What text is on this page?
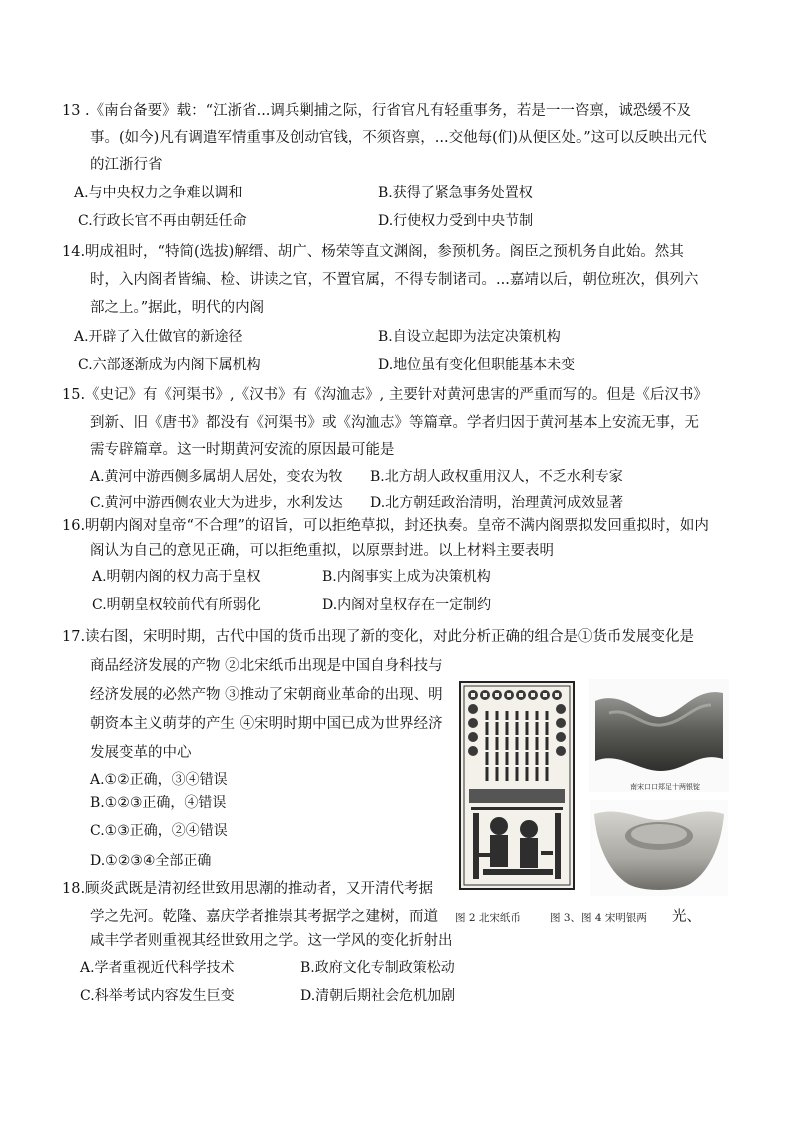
13 .《南台备要》载：“江浙省...调兵剿捕之际，行省官凡有轻重事务，若是一一咨禀，诚恐缓不及
事。(如今)凡有调遣军情重事及创动官钱，不须咨禀，...交他每(们)从便区处。”这可以反映出元代
的江浙行省
A.与中央权力之争难以调和	B.获得了紧急事务处置权
C.行政长官不再由朝廷任命	D.行使权力受到中央节制
14.明成祖时，“特简(选拔)解缙、胡广、杨荣等直文渊阁，参预机务。阁臣之预机务自此始。然其
时，入内阁者皆编、检、讲读之官，不置官属，不得专制诸司。...嘉靖以后，朝位班次，俱列六
部之上。”据此，明代的内阁
A.开辟了入仕做官的新途径	B.自设立起即为法定决策机构
C.六部逐渐成为内阁下属机构	D.地位虽有变化但职能基本未变
15.《史记》有《河渠书》,《汉书》有《沟洫志》, 主要针对黄河患害的严重而写的。但是《后汉书》
到新、旧《唐书》都没有《河渠书》或《沟洫志》等篇章。学者归因于黄河基本上安流无事，无
需专辟篇章。这一时期黄河安流的原因最可能是
A.黄河中游西侧多属胡人居处，变农为牧 B.北方胡人政权重用汉人，不乏水利专家
C.黄河中游西侧农业大为进步，水利发达 D.北方朝廷政治清明，治理黄河成效显著
16.明朝内阁对皇帝“不合理”的诏旨，可以拒绝草拟，封还执奏。皇帝不满内阁票拟发回重拟时，如内
阁认为自己的意见正确，可以拒绝重拟，以原票封进。以上材料主要表明
A.明朝内阁的权力高于皇权	B.内阁事实上成为决策机构
C.明朝皇权较前代有所弱化	D.内阁对皇权存在一定制约
17.读右图，宋明时期，古代中国的货币出现了新的变化，对此分析正确的组合是①货币发展变化是
商品经济发展的产物 ②北宋纸币出现是中国自身科技与
经济发展的必然产物 ③推动了宋朝商业革命的出现、明
朝资本主义萌芽的产生 ④宋明时期中国已成为世界经济
发展变革的中心
A.①②正确，③④错误
B.①②③正确，④错误
C.①③正确，②④错误
D.①②③④全部正确
南宋口口郑足十两银锭
18.顾炎武既是清初经世致用思潮的推动者，又开清代考据
学之先河。乾隆、嘉庆学者推崇其考据学之建树，而道 图 2 北宋纸币	图 3、图 4 宋明银两 光、
咸丰学者则重视其经世致用之学。这一学风的变化折射出
A.学者重视近代科学技术	B.政府文化专制政策松动
C.科举考试内容发生巨变	D.清朝后期社会危机加剧
